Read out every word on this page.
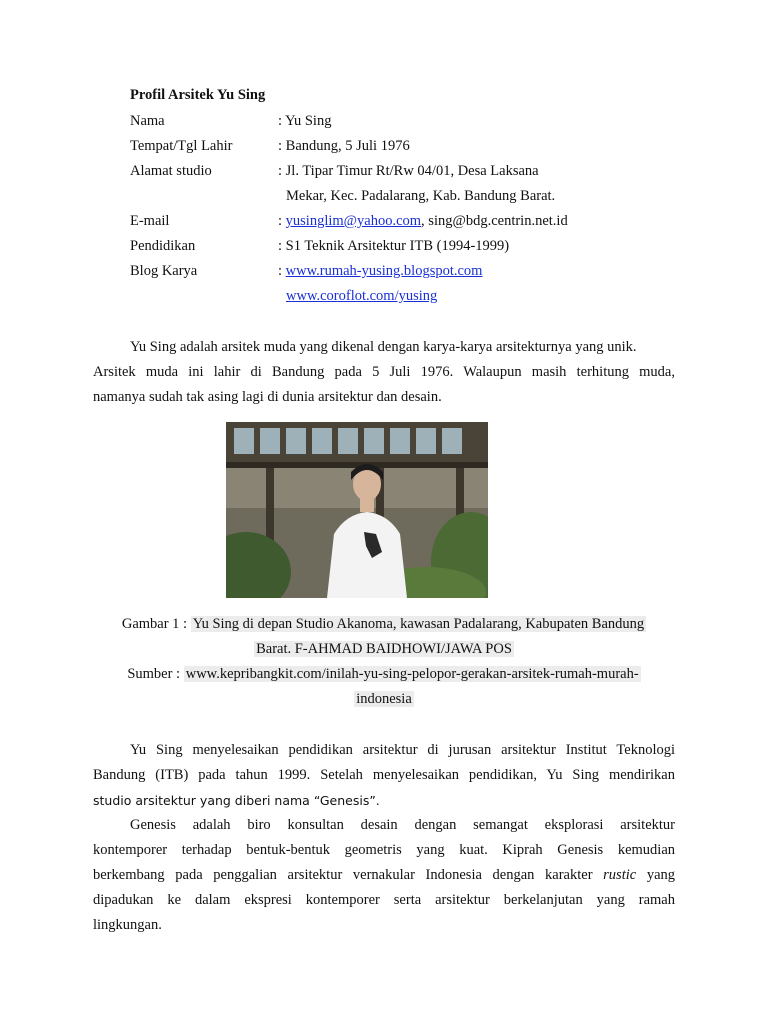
Profil Arsitek Yu Sing
Nama	: Yu Sing
Tempat/Tgl Lahir	: Bandung, 5 Juli 1976
Alamat studio	: Jl. Tipar Timur Rt/Rw 04/01, Desa Laksana
Mekar, Kec. Padalarang, Kab. Bandung Barat.
E-mail	: yusinglim@yahoo.com, sing@bdg.centrin.net.id
Pendidikan	: S1 Teknik Arsitektur ITB (1994-1999)
Blog Karya	: www.rumah-yusing.blogspot.com
www.coroflot.com/yusing
Yu Sing adalah arsitek muda yang dikenal dengan karya-karya arsitekturnya yang unik.
Arsitek muda ini lahir di Bandung pada 5 Juli 1976. Walaupun masih terhitung muda,
namanya sudah tak asing lagi di dunia arsitektur dan desain.
Gambar 1 : Yu Sing di depan Studio Akanoma, kawasan Padalarang, Kabupaten Bandung
Barat. F-AHMAD BAIDHOWI/JAWA POS
Sumber : www.kepribangkit.com/inilah-yu-sing-pelopor-gerakan-arsitek-rumah-murah-
indonesia
Yu Sing menyelesaikan pendidikan arsitektur di jurusan arsitektur Institut Teknologi
Bandung (ITB) pada tahun 1999. Setelah menyelesaikan pendidikan, Yu Sing mendirikan
studio arsitektur yang diberi nama “Genesis”.
Genesis adalah biro konsultan desain dengan semangat eksplorasi arsitektur
kontemporer terhadap bentuk-bentuk geometris yang kuat. Kiprah Genesis kemudian
berkembang pada penggalian arsitektur vernakular Indonesia dengan karakter rustic yang
dipadukan ke dalam ekspresi kontemporer serta arsitektur berkelanjutan yang ramah
lingkungan.
